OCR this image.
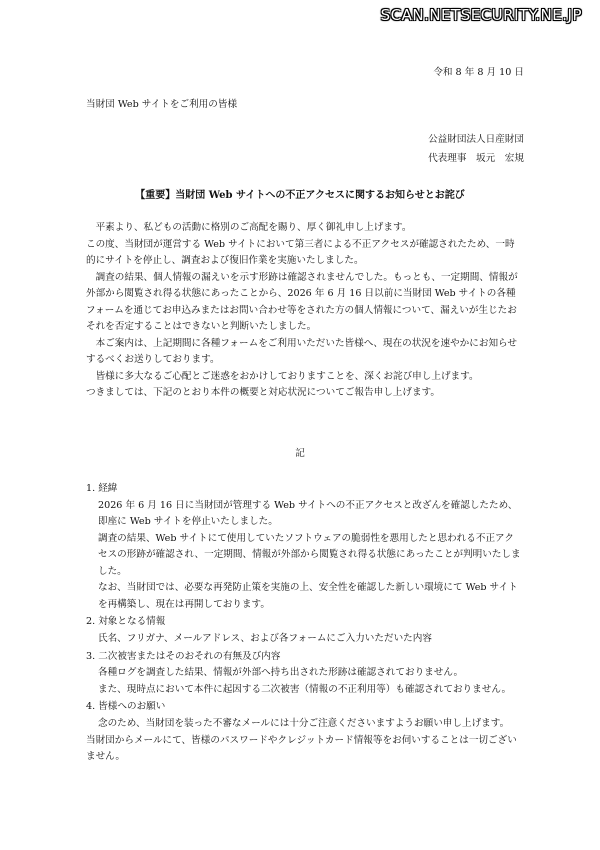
SCAN.NETSECURITY.NE.JP
令和 8 年 8 月 10 日
当財団 Web サイトをご利用の皆様
公益財団法人日産財団
代表理事　坂元　宏規
【重要】当財団 Web サイトへの不正アクセスに関するお知らせとお詫び

平素より、私どもの活動に格別のご高配を賜り、厚く御礼申し上げます。

この度、当財団が運営する Web サイトにおいて第三者による不正アクセスが確認されたため、一時的にサイトを停止し、調査および復旧作業を実施いたしました。

調査の結果、個人情報の漏えいを示す形跡は確認されませんでした。もっとも、一定期間、情報が外部から閲覧され得る状態にあったことから、2026 年 6 月 16 日以前に当財団 Web サイトの各種フォームを通じてお申込みまたはお問い合わせ等をされた方の個人情報について、漏えいが生じたおそれを否定することはできないと判断いたしました。

本ご案内は、上記期間に各種フォームをご利用いただいた皆様へ、現在の状況を速やかにお知らせするべくお送りしております。

皆様に多大なるご心配とご迷惑をおかけしておりますことを、深くお詫び申し上げます。

つきましては、下記のとおり本件の概要と対応状況についてご報告申し上げます。

記
1. 経緯

2026 年 6 月 16 日に当財団が管理する Web サイトへの不正アクセスと改ざんを確認したため、即座に Web サイトを停止いたしました。

調査の結果、Web サイトにて使用していたソフトウェアの脆弱性を悪用したと思われる不正アクセスの形跡が確認され、一定期間、情報が外部から閲覧され得る状態にあったことが判明いたしました。

なお、当財団では、必要な再発防止策を実施の上、安全性を確認した新しい環境にて Web サイトを再構築し、現在は再開しております。

2. 対象となる情報

氏名、フリガナ、メールアドレス、および各フォームにご入力いただいた内容

3. 二次被害またはそのおそれの有無及び内容

各種ログを調査した結果、情報が外部へ持ち出された形跡は確認されておりません。

また、現時点において本件に起因する二次被害（情報の不正利用等）も確認されておりません。

4. 皆様へのお願い

念のため、当財団を装った不審なメールには十分ご注意くださいますようお願い申し上げます。

当財団からメールにて、皆様のパスワードやクレジットカード情報等をお伺いすることは一切ございません。
